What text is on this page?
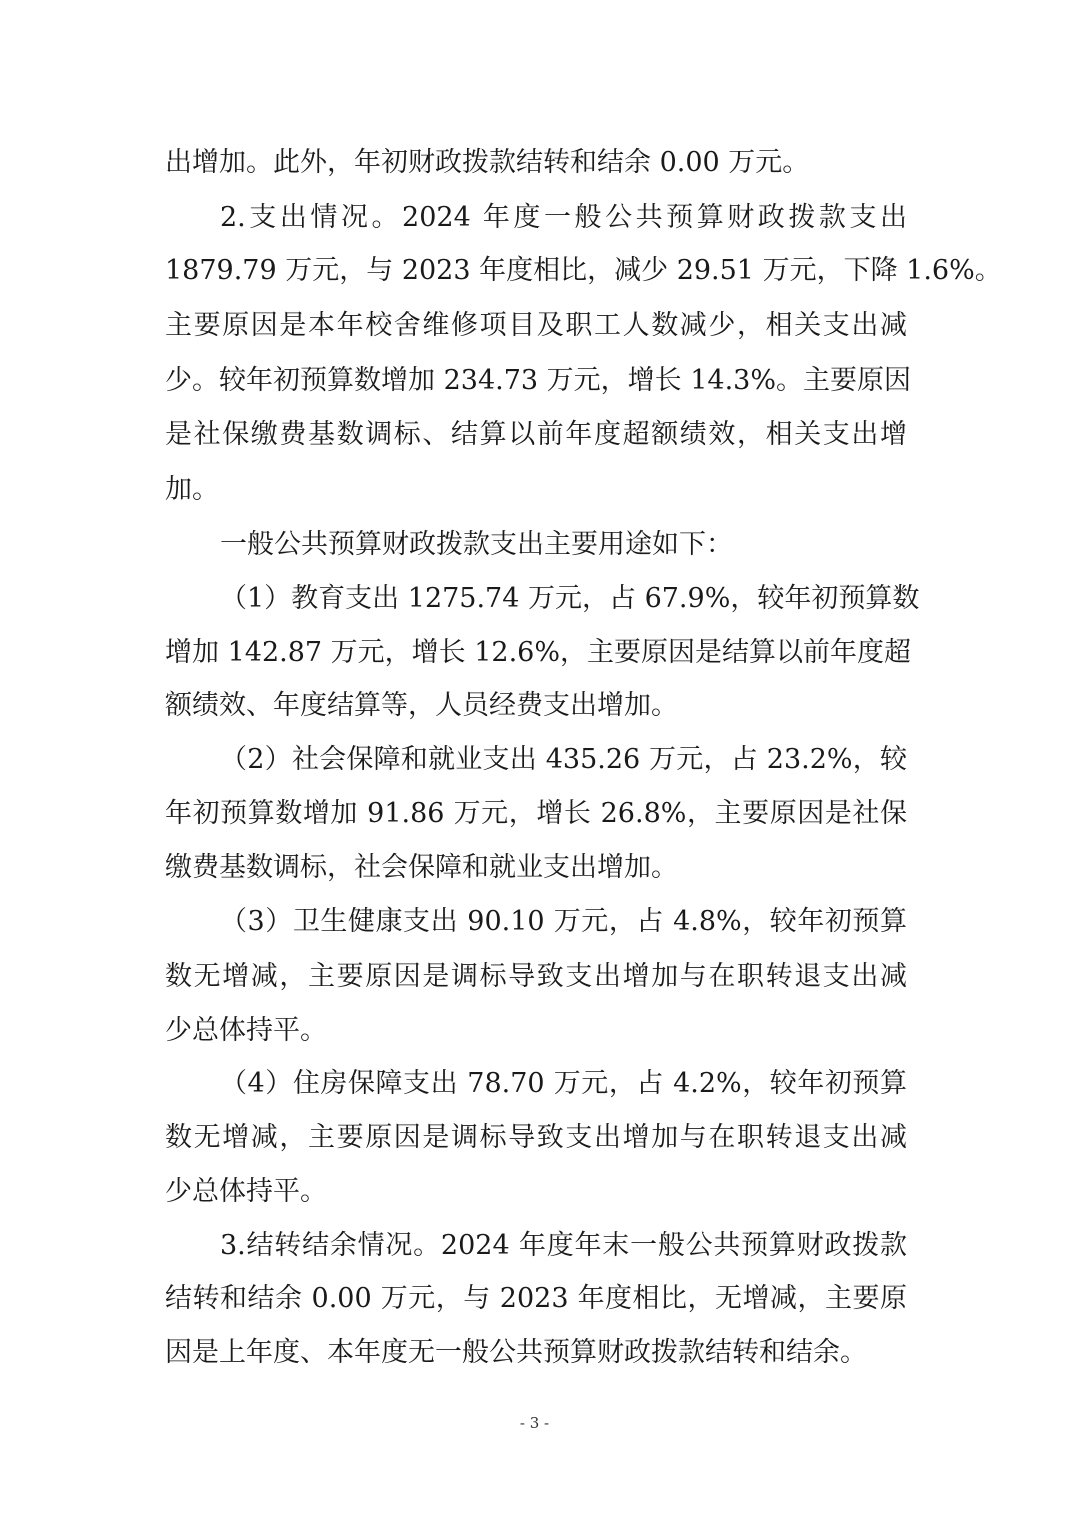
出增加。此外，年初财政拨款结转和结余 0.00 万元。
2.支出情况。2024 年度一般公共预算财政拨款支出
1879.79 万元，与 2023 年度相比，减少 29.51 万元，下降 1.6%。
主要原因是本年校舍维修项目及职工人数减少，相关支出减
少。较年初预算数增加 234.73 万元，增长 14.3%。主要原因
是社保缴费基数调标、结算以前年度超额绩效，相关支出增
加。
一般公共预算财政拨款支出主要用途如下：
（1）教育支出 1275.74 万元，占 67.9%，较年初预算数
增加 142.87 万元，增长 12.6%，主要原因是结算以前年度超
额绩效、年度结算等，人员经费支出增加。
（2）社会保障和就业支出 435.26 万元，占 23.2%，较
年初预算数增加 91.86 万元，增长 26.8%，主要原因是社保
缴费基数调标，社会保障和就业支出增加。
（3）卫生健康支出 90.10 万元，占 4.8%，较年初预算
数无增减，主要原因是调标导致支出增加与在职转退支出减
少总体持平。
（4）住房保障支出 78.70 万元，占 4.2%，较年初预算
数无增减，主要原因是调标导致支出增加与在职转退支出减
少总体持平。
3.结转结余情况。2024 年度年末一般公共预算财政拨款
结转和结余 0.00 万元，与 2023 年度相比，无增减，主要原
因是上年度、本年度无一般公共预算财政拨款结转和结余。
- 3 -
